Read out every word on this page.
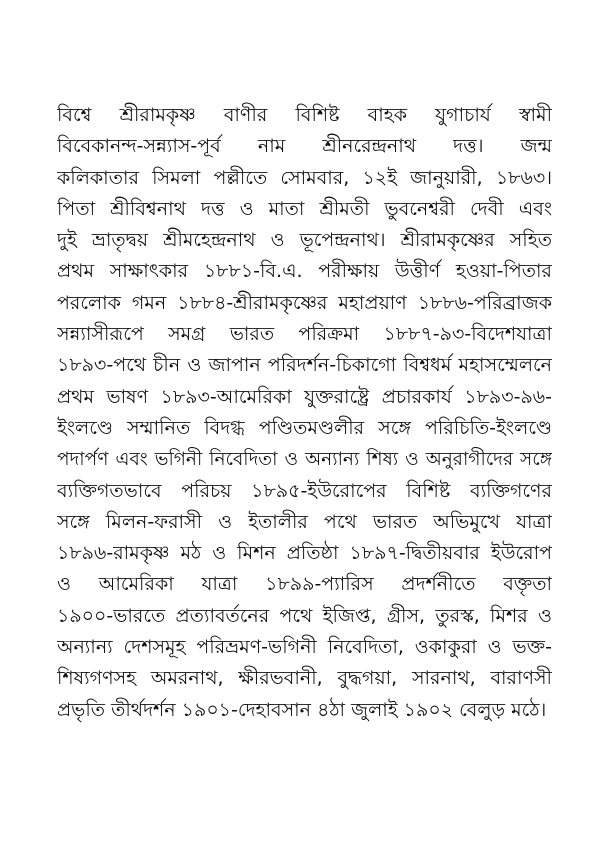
বিশ্বে শ্রীরামকৃষ্ণ বাণীর বিশিষ্ট বাহক যুগাচার্য স্বামী
বিবেকানন্দ-সন্ন্যাস-পূর্ব নাম শ্রীনরেন্দ্রনাথ দত্ত। জন্ম
কলিকাতার সিমলা পল্লীতে সোমবার, ১২ই জানুয়ারী, ১৮৬৩।
পিতা শ্রীবিশ্বনাথ দত্ত ও মাতা শ্রীমতী ভুবনেশ্বরী দেবী এবং
দুই ভ্রাতৃদ্বয় শ্রীমহেন্দ্রনাথ ও ভূপেন্দ্রনাথ। শ্রীরামকৃষ্ণের সহিত
প্রথম সাক্ষাৎকার ১৮৮১-বি.এ. পরীক্ষায় উত্তীর্ণ হওয়া-পিতার
পরলোক গমন ১৮৮৪-শ্রীরামকৃষ্ণের মহাপ্রয়াণ ১৮৮৬-পরিব্রাজক
সন্ন্যাসীরূপে সমগ্র ভারত পরিক্রমা ১৮৮৭-৯৩-বিদেশযাত্রা
১৮৯৩-পথে চীন ও জাপান পরিদর্শন-চিকাগো বিশ্বধর্ম মহাসম্মেলনে
প্রথম ভাষণ ১৮৯৩-আমেরিকা যুক্তরাষ্ট্রে প্রচারকার্য ১৮৯৩-৯৬-
ইংলণ্ডে সম্মানিত বিদগ্ধ পণ্ডিতমণ্ডলীর সঙ্গে পরিচিতি-ইংলণ্ডে
পদার্পণ এবং ভগিনী নিবেদিতা ও অন্যান্য শিষ্য ও অনুরাগীদের সঙ্গে
ব্যক্তিগতভাবে পরিচয় ১৮৯৫-ইউরোপের বিশিষ্ট ব্যক্তিগণের
সঙ্গে মিলন-ফরাসী ও ইতালীর পথে ভারত অভিমুখে যাত্রা
১৮৯৬-রামকৃষ্ণ মঠ ও মিশন প্রতিষ্ঠা ১৮৯৭-দ্বিতীয়বার ইউরোপ
ও আমেরিকা যাত্রা ১৮৯৯-প্যারিস প্রদর্শনীতে বক্তৃতা
১৯০০-ভারতে প্রত্যাবর্তনের পথে ইজিপ্ত, গ্রীস, তুরস্ক, মিশর ও
অন্যান্য দেশসমূহ পরিভ্রমণ-ভগিনী নিবেদিতা, ওকাকুরা ও ভক্ত-
শিষ্যগণসহ অমরনাথ, ক্ষীরভবানী, বুদ্ধগয়া, সারনাথ, বারাণসী
প্রভৃতি তীর্থদর্শন ১৯০১-দেহাবসান ৪ঠা জুলাই ১৯০২ বেলুড় মঠে।
